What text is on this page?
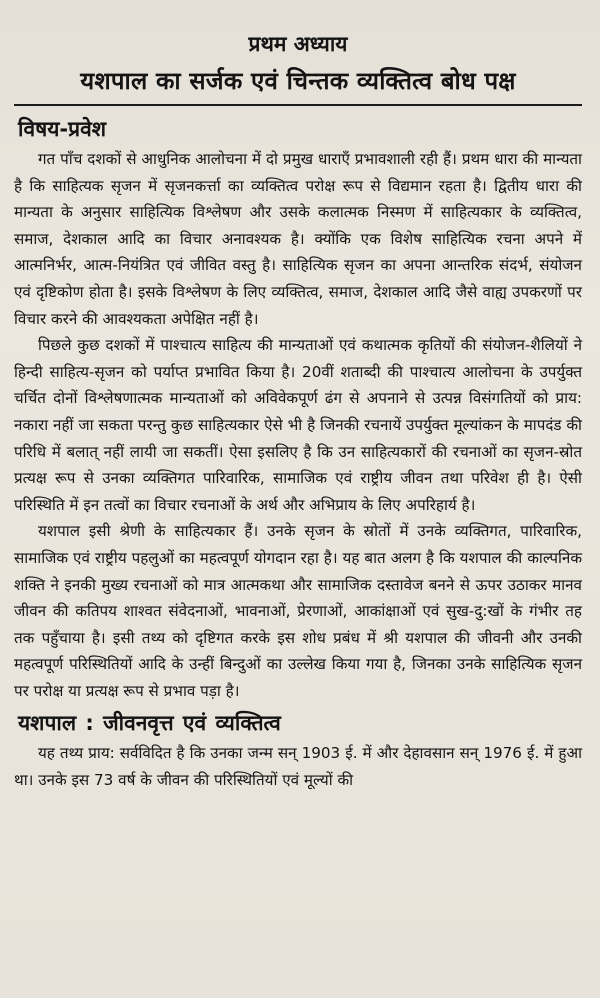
प्रथम अध्याय
यशपाल का सर्जक एवं चिन्तक व्यक्तित्व बोध पक्ष
विषय-प्रवेश

गत पाँच दशकों से आधुनिक आलोचना में दो प्रमुख धाराएँ प्रभावशाली रही हैं। प्रथम धारा की मान्यता है कि साहित्यक सृजन में सृजनकर्त्ता का व्यक्तित्व परोक्ष रूप से विद्यमान रहता है। द्वितीय धारा की मान्यता के अनुसार साहित्यिक विश्लेषण और उसके कलात्मक निस्मण में साहित्यकार के व्यक्तित्व, समाज, देशकाल आदि का विचार अनावश्यक है। क्योंकि एक विशेष साहित्यिक रचना अपने में आत्मनिर्भर, आत्म-नियंत्रित एवं जीवित वस्तु है। साहित्यिक सृजन का अपना आन्तरिक संदर्भ, संयोजन एवं दृष्टिकोण होता है। इसके विश्लेषण के लिए व्यक्तित्व, समाज, देशकाल आदि जैसे वाह्य उपकरणों पर विचार करने की आवश्यकता अपेक्षित नहीं है।

पिछले कुछ दशकों में पाश्चात्य साहित्य की मान्यताओं एवं कथात्मक कृतियों की संयोजन-शैलियों ने हिन्दी साहित्य-सृजन को पर्याप्त प्रभावित किया है। 20वीं शताब्दी की पाश्चात्य आलोचना के उपर्युक्त चर्चित दोनों विश्लेषणात्मक मान्यताओं को अविवेकपूर्ण ढंग से अपनाने से उत्पन्न विसंगतियों को प्राय: नकारा नहीं जा सकता परन्तु कुछ साहित्यकार ऐसे भी है जिनकी रचनायें उपर्युक्त मूल्यांकन के मापदंड की परिधि में बलात् नहीं लायी जा सकतीं। ऐसा इसलिए है कि उन साहित्यकारों की रचनाओं का सृजन-स्रोत प्रत्यक्ष रूप से उनका व्यक्तिगत पारिवारिक, सामाजिक एवं राष्ट्रीय जीवन तथा परिवेश ही है। ऐसी परिस्थिति में इन तत्वों का विचार रचनाओं के अर्थ और अभिप्राय के लिए अपरिहार्य है।

यशपाल इसी श्रेणी के साहित्यकार हैं। उनके सृजन के स्रोतों में उनके व्यक्तिगत, पारिवारिक, सामाजिक एवं राष्ट्रीय पहलुओं का महत्वपूर्ण योगदान रहा है। यह बात अलग है कि यशपाल की काल्पनिक शक्ति ने इनकी मुख्य रचनाओं को मात्र आत्मकथा और सामाजिक दस्तावेज बनने से ऊपर उठाकर मानव जीवन की कतिपय शाश्वत संवेदनाओं, भावनाओं, प्रेरणाओं, आकांक्षाओं एवं सुख-दु:खों के गंभीर तह तक पहुँचाया है। इसी तथ्य को दृष्टिगत करके इस शोध प्रबंध में श्री यशपाल की जीवनी और उनकी महत्वपूर्ण परिस्थितियों आदि के उन्हीं बिन्दुओं का उल्लेख किया गया है, जिनका उनके साहित्यिक सृजन पर परोक्ष या प्रत्यक्ष रूप से प्रभाव पड़ा है।

यशपाल : जीवनवृत्त एवं व्यक्तित्व

यह तथ्य प्राय: सर्वविदित है कि उनका जन्म सन् 1903 ई. में और देहावसान सन् 1976 ई. में हुआ था। उनके इस 73 वर्ष के जीवन की परिस्थितियों एवं मूल्यों की
